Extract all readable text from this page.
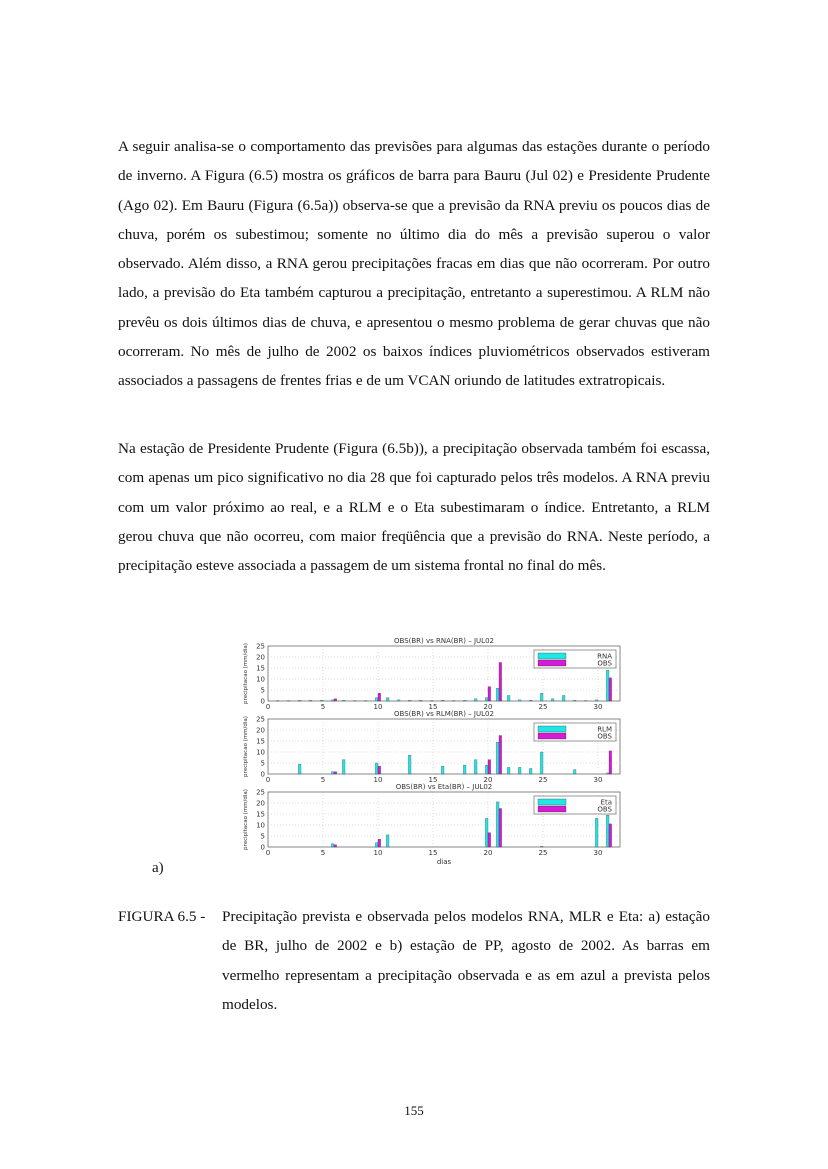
A seguir analisa-se o comportamento das previsões para algumas das estações durante o período de inverno. A Figura (6.5) mostra os gráficos de barra para Bauru (Jul 02) e Presidente Prudente (Ago 02). Em Bauru (Figura (6.5a)) observa-se que a previsão da RNA previu os poucos dias de chuva, porém os subestimou; somente no último dia do mês a previsão superou o valor observado. Além disso, a RNA gerou precipitações fracas em dias que não ocorreram. Por outro lado, a previsão do Eta também capturou a precipitação, entretanto a superestimou. A RLM não prevêu os dois últimos dias de chuva, e apresentou o mesmo problema de gerar chuvas que não ocorreram. No mês de julho de 2002 os baixos índices pluviométricos observados estiveram associados a passagens de frentes frias e de um VCAN oriundo de latitudes extratropicais.

Na estação de Presidente Prudente (Figura (6.5b)), a precipitação observada também foi escassa, com apenas um pico significativo no dia 28 que foi capturado pelos três modelos. A RNA previu com um valor próximo ao real, e a RLM e o Eta subestimaram o índice. Entretanto, a RLM gerou chuva que não ocorreu, com maior freqüência que a previsão do RNA. Neste período, a precipitação esteve associada a passagem de um sistema frontal no final do mês.

0
5
10
15
20
25
0	5	10	15	20	25	30
OBS(BR) vs RNA(BR) – JUL02
precipitacao (mm/dia)	RNA
OBS
0
5
10
15
20
25
0	5	10	15	20	25	30
OBS(BR) vs RLM(BR) – JUL02
precipitacao (mm/dia)	RLM
OBS
0
5
10
15
20
25
0	5	10	15	20	25	30
OBS(BR) vs Eta(BR) – JUL02
precipitacao (mm/dia)	Eta
OBS
dias
a)
FIGURA 6.5 - Precipitação prevista e observada pelos modelos RNA, MLR e Eta: a) estação de BR, julho de 2002 e b) estação de PP, agosto de 2002. As barras em vermelho representam a precipitação observada e as em azul a prevista pelos modelos.
155
